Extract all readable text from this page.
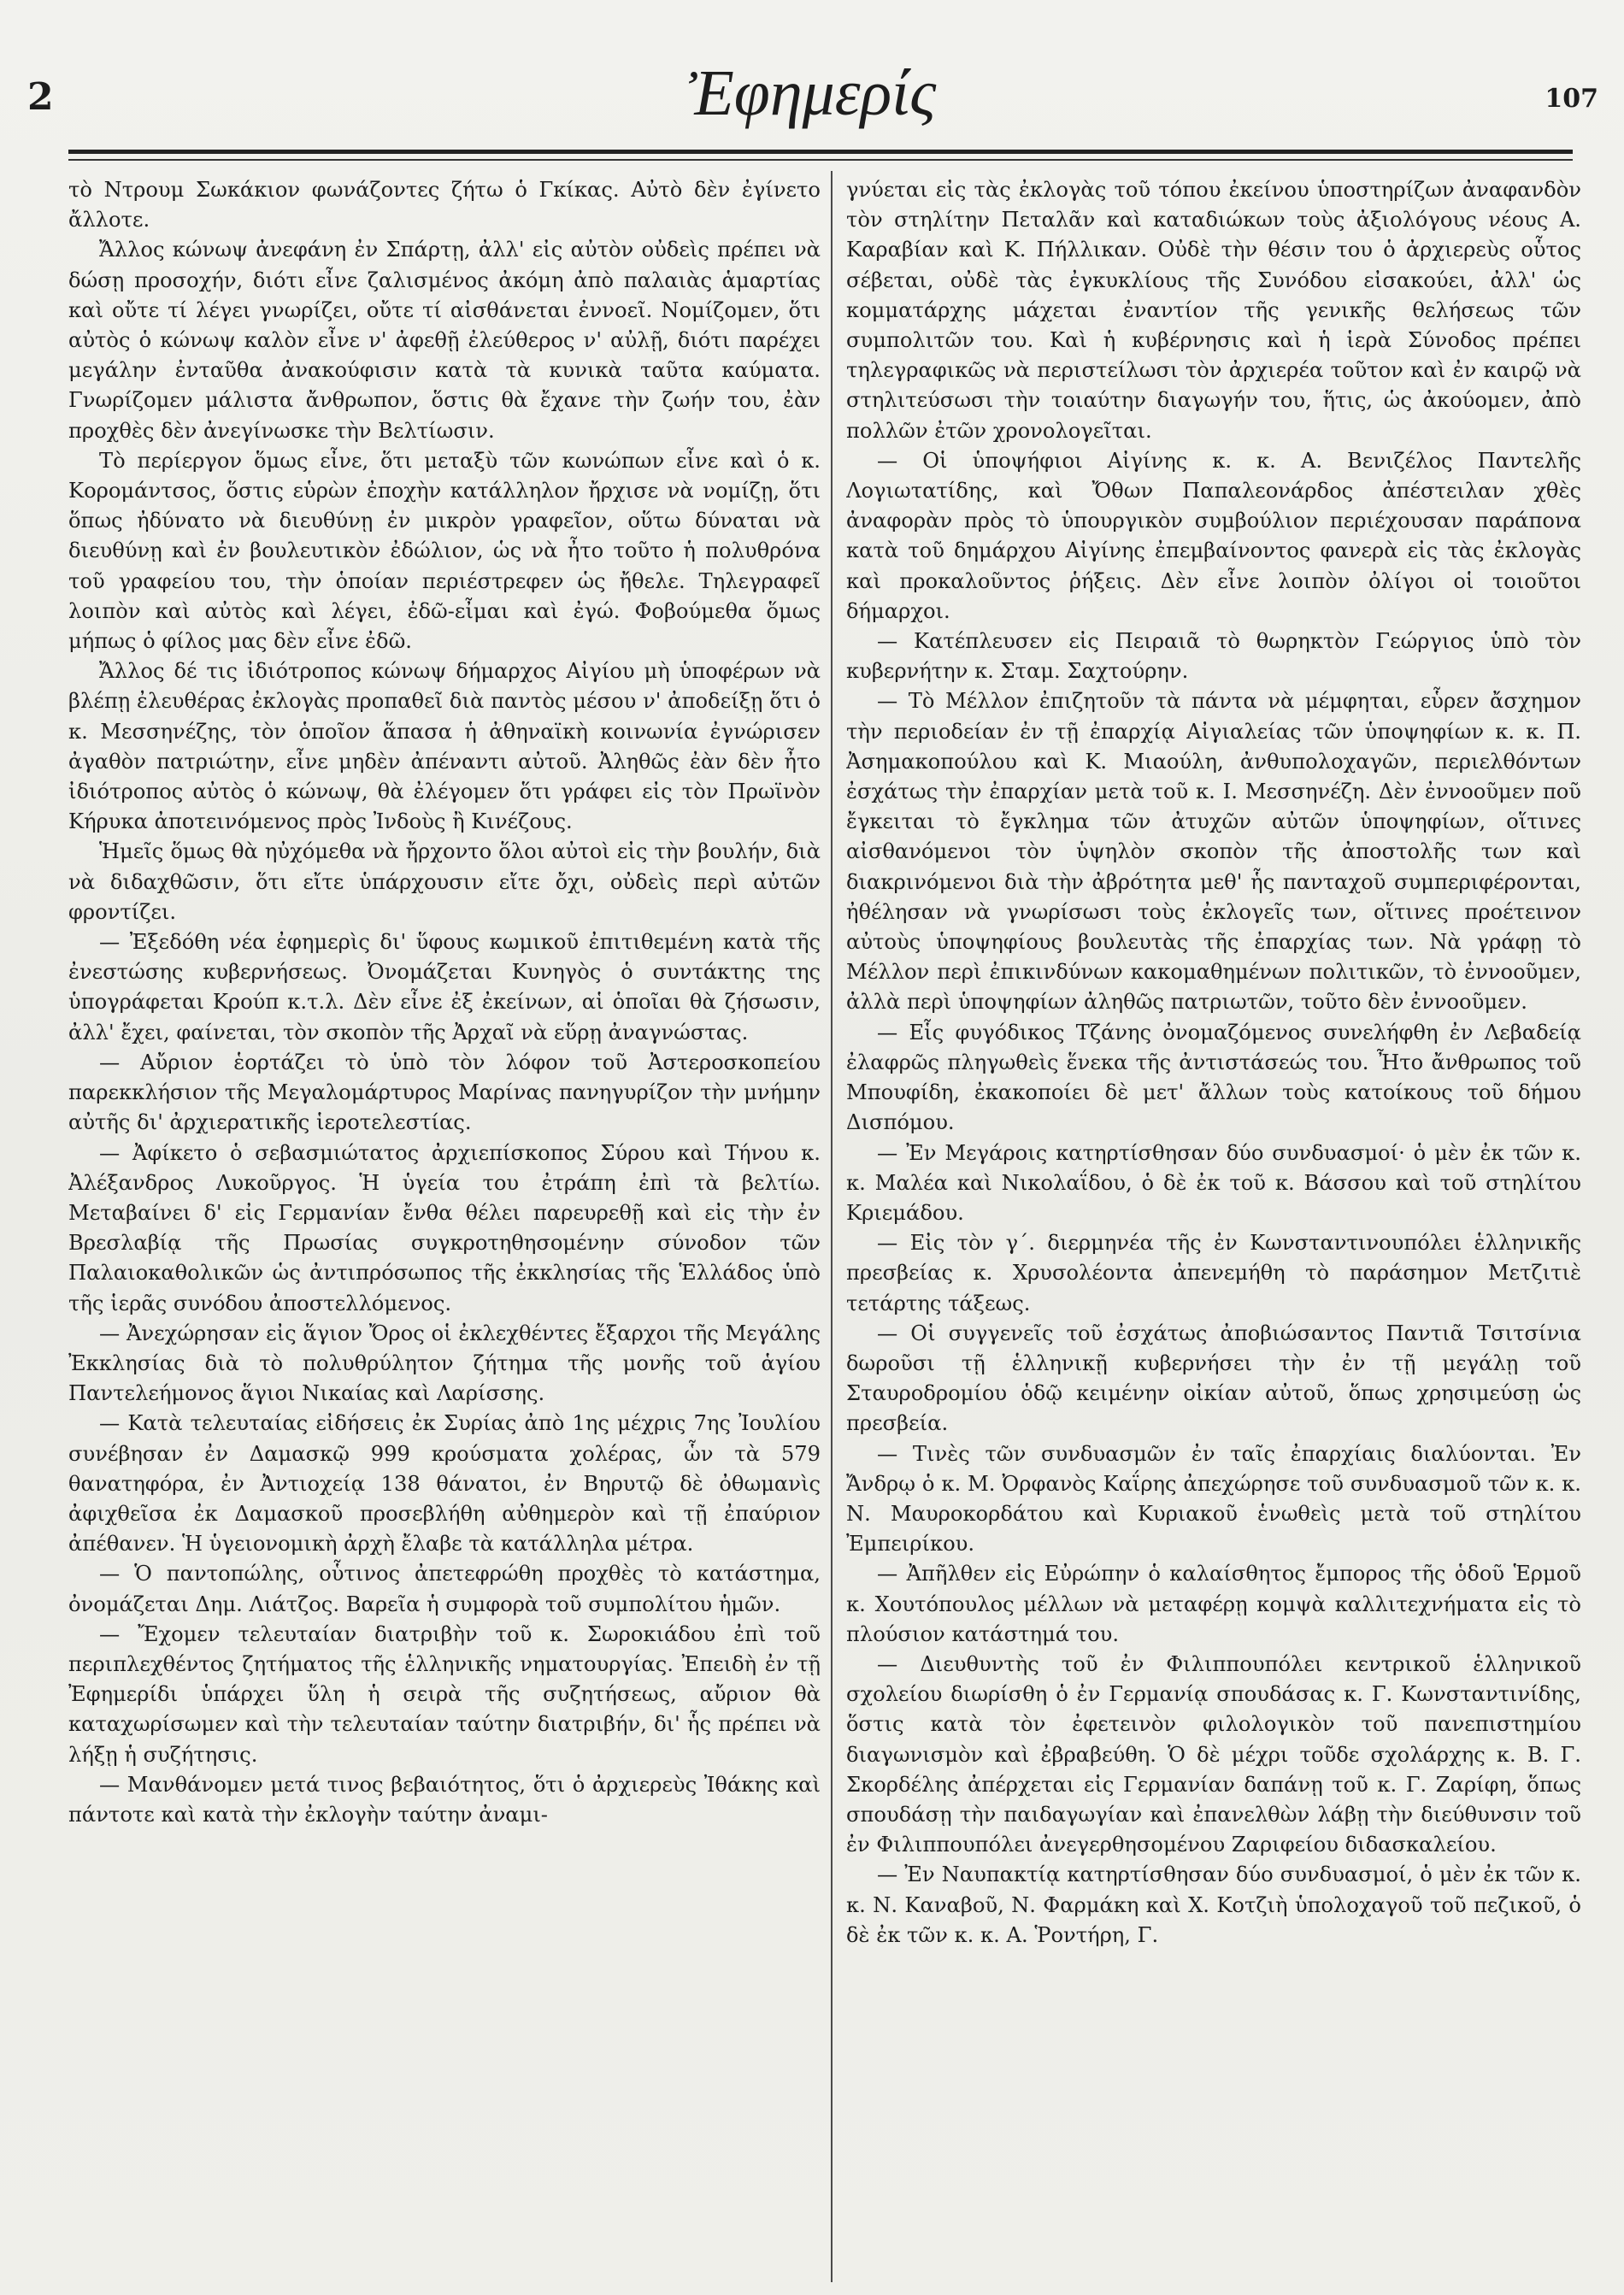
2	Ἐφημερίς	107

τὸ Ντρουμ Σωκάκιον φωνάζοντες ζήτω ὁ Γκίκας. Αὐτὸ δὲν ἐγίνετο ἄλλοτε.

Ἄλλος κώνωψ ἀνεφάνη ἐν Σπάρτῃ, ἀλλ' εἰς αὐτὸν οὐδεὶς πρέπει νὰ δώσῃ προσοχήν, διότι εἶνε ζαλισμένος ἀκόμη ἀπὸ παλαιὰς ἁμαρτίας καὶ οὔτε τί λέγει γνωρίζει, οὔτε τί αἰσθάνεται ἐννοεῖ. Νομίζομεν, ὅτι αὐτὸς ὁ κώνωψ καλὸν εἶνε ν' ἀφεθῇ ἐλεύθερος ν' αὐλῇ, διότι παρέχει μεγάλην ἐνταῦθα ἀνακούφισιν κατὰ τὰ κυνικὰ ταῦτα καύματα. Γνωρίζομεν μάλιστα ἄνθρωπον, ὅστις θὰ ἔχανε τὴν ζωήν του, ἐὰν προχθὲς δὲν ἀνεγίνωσκε τὴν Βελτίωσιν.

Τὸ περίεργον ὅμως εἶνε, ὅτι μεταξὺ τῶν κωνώπων εἶνε καὶ ὁ κ. Κορομάντσος, ὅστις εὑρὼν ἐποχὴν κατάλληλον ἤρχισε νὰ νομίζῃ, ὅτι ὅπως ἠδύνατο νὰ διευθύνῃ ἐν μικρὸν γραφεῖον, οὕτω δύναται νὰ διευθύνῃ καὶ ἐν βουλευτικὸν ἐδώλιον, ὡς νὰ ἦτο τοῦτο ἡ πολυθρόνα τοῦ γραφείου του, τὴν ὁποίαν περιέστρεφεν ὡς ἤθελε. Τηλεγραφεῖ λοιπὸν καὶ αὐτὸς καὶ λέγει, ἐδῶ-εἶμαι καὶ ἐγώ. Φοβούμεθα ὅμως μήπως ὁ φίλος μας δὲν εἶνε ἐδῶ.

Ἄλλος δέ τις ἰδιότροπος κώνωψ δήμαρχος Αἰγίου μὴ ὑποφέρων νὰ βλέπῃ ἐλευθέρας ἐκλογὰς προπαθεῖ διὰ παντὸς μέσου ν' ἀποδείξῃ ὅτι ὁ κ. Μεσσηνέζης, τὸν ὁποῖον ἅπασα ἡ ἀθηναϊκὴ κοινωνία ἐγνώρισεν ἀγαθὸν πατριώτην, εἶνε μηδὲν ἀπέναντι αὐτοῦ. Ἀληθῶς ἐὰν δὲν ἦτο ἰδιότροπος αὐτὸς ὁ κώνωψ, θὰ ἐλέγομεν ὅτι γράφει εἰς τὸν Πρωϊνὸν Κήρυκα ἀποτεινόμενος πρὸς Ἰνδοὺς ἢ Κινέζους.

Ἡμεῖς ὅμως θὰ ηὐχόμεθα νὰ ἤρχοντο ὅλοι αὐτοὶ εἰς τὴν βουλήν, διὰ νὰ διδαχθῶσιν, ὅτι εἴτε ὑπάρχουσιν εἴτε ὄχι, οὐδεὶς περὶ αὐτῶν φροντίζει.

— Ἐξεδόθη νέα ἐφημερὶς δι' ὕφους κωμικοῦ ἐπιτιθεμένη κατὰ τῆς ἐνεστώσης κυβερνήσεως. Ὀνομάζεται Κυνηγὸς ὁ συντάκτης της ὑπογράφεται Κρούπ κ.τ.λ. Δὲν εἶνε ἐξ ἐκείνων, αἱ ὁποῖαι θὰ ζήσωσιν, ἀλλ' ἔχει, φαίνεται, τὸν σκοπὸν τῆς Ἀρχαῖ νὰ εὕρῃ ἀναγνώστας.

— Αὔριον ἑορτάζει τὸ ὑπὸ τὸν λόφον τοῦ Ἀστεροσκοπείου παρεκκλήσιον τῆς Μεγαλομάρτυρος Μαρίνας πανηγυρίζον τὴν μνήμην αὐτῆς δι' ἀρχιερατικῆς ἱεροτελεστίας.

— Ἀφίκετο ὁ σεβασμιώτατος ἀρχιεπίσκοπος Σύρου καὶ Τήνου κ. Ἀλέξανδρος Λυκοῦργος. Ἡ ὑγεία του ἐτράπη ἐπὶ τὰ βελτίω. Μεταβαίνει δ' εἰς Γερμανίαν ἔνθα θέλει παρευρεθῇ καὶ εἰς τὴν ἐν Βρεσλαβίᾳ τῆς Πρωσίας συγκροτηθησομένην σύνοδον τῶν Παλαιοκαθολικῶν ὡς ἀντιπρόσωπος τῆς ἐκκλησίας τῆς Ἑλλάδος ὑπὸ τῆς ἱερᾶς συνόδου ἀποστελλόμενος.

— Ἀνεχώρησαν εἰς ἅγιον Ὄρος οἱ ἐκλεχθέντες ἔξαρχοι τῆς Μεγάλης Ἐκκλησίας διὰ τὸ πολυθρύλητον ζήτημα τῆς μονῆς τοῦ ἁγίου Παντελεήμονος ἅγιοι Νικαίας καὶ Λαρίσσης.

— Κατὰ τελευταίας εἰδήσεις ἐκ Συρίας ἀπὸ 1ης μέχρις 7ης Ἰουλίου συνέβησαν ἐν Δαμασκῷ 999 κρούσματα χολέρας, ὧν τὰ 579 θανατηφόρα, ἐν Ἀντιοχείᾳ 138 θάνατοι, ἐν Βηρυτῷ δὲ ὀθωμανὶς ἀφιχθεῖσα ἐκ Δαμασκοῦ προσεβλήθη αὐθημερὸν καὶ τῇ ἐπαύριον ἀπέθανεν. Ἡ ὑγειονομικὴ ἀρχὴ ἔλαβε τὰ κατάλληλα μέτρα.

— Ὁ παντοπώλης, οὗτινος ἀπετεφρώθη προχθὲς τὸ κατάστημα, ὀνομάζεται Δημ. Λιάτζος. Βαρεῖα ἡ συμφορὰ τοῦ συμπολίτου ἡμῶν.

— Ἔχομεν τελευταίαν διατριβὴν τοῦ κ. Σωροκιάδου ἐπὶ τοῦ περιπλεχθέντος ζητήματος τῆς ἑλληνικῆς νηματουργίας. Ἐπειδὴ ἐν τῇ Ἐφημερίδι ὑπάρχει ὕλη ἡ σειρὰ τῆς συζητήσεως, αὔριον θὰ καταχωρίσωμεν καὶ τὴν τελευταίαν ταύτην διατριβήν, δι' ἧς πρέπει νὰ λήξῃ ἡ συζήτησις.

— Μανθάνομεν μετά τινος βεβαιότητος, ὅτι ὁ ἀρχιερεὺς Ἰθάκης καὶ πάντοτε καὶ κατὰ τὴν ἐκλογὴν ταύτην ἀναμι-

γνύεται εἰς τὰς ἐκλογὰς τοῦ τόπου ἐκείνου ὑποστηρίζων ἀναφανδὸν τὸν στηλίτην Πεταλᾶν καὶ καταδιώκων τοὺς ἀξιολόγους νέους Α. Καραβίαν καὶ Κ. Πήλλικαν. Οὐδὲ τὴν θέσιν του ὁ ἀρχιερεὺς οὗτος σέβεται, οὐδὲ τὰς ἐγκυκλίους τῆς Συνόδου εἰσακούει, ἀλλ' ὡς κομματάρχης μάχεται ἐναντίον τῆς γενικῆς θελήσεως τῶν συμπολιτῶν του. Καὶ ἡ κυβέρνησις καὶ ἡ ἱερὰ Σύνοδος πρέπει τηλεγραφικῶς νὰ περιστείλωσι τὸν ἀρχιερέα τοῦτον καὶ ἐν καιρῷ νὰ στηλιτεύσωσι τὴν τοιαύτην διαγωγήν του, ἥτις, ὡς ἀκούομεν, ἀπὸ πολλῶν ἐτῶν χρονολογεῖται.

— Οἱ ὑποψήφιοι Αἰγίνης κ. κ. Α. Βενιζέλος Παντελῆς Λογιωτατίδης, καὶ Ὄθων Παπαλεονάρδος ἀπέστειλαν χθὲς ἀναφορὰν πρὸς τὸ ὑπουργικὸν συμβούλιον περιέχουσαν παράπονα κατὰ τοῦ δημάρχου Αἰγίνης ἐπεμβαίνοντος φανερὰ εἰς τὰς ἐκλογὰς καὶ προκαλοῦντος ῥήξεις. Δὲν εἶνε λοιπὸν ὀλίγοι οἱ τοιοῦτοι δήμαρχοι.

— Κατέπλευσεν εἰς Πειραιᾶ τὸ θωρηκτὸν Γεώργιος ὑπὸ τὸν κυβερνήτην κ. Σταμ. Σαχτούρην.

— Τὸ Μέλλον ἐπιζητοῦν τὰ πάντα νὰ μέμφηται, εὗρεν ἄσχημον τὴν περιοδείαν ἐν τῇ ἐπαρχίᾳ Αἰγιαλείας τῶν ὑποψηφίων κ. κ. Π. Ἀσημακοπούλου καὶ Κ. Μιαούλη, ἀνθυπολοχαγῶν, περιελθόντων ἐσχάτως τὴν ἐπαρχίαν μετὰ τοῦ κ. Ι. Μεσσηνέζη. Δὲν ἐννοοῦμεν ποῦ ἔγκειται τὸ ἔγκλημα τῶν ἀτυχῶν αὐτῶν ὑποψηφίων, οἵτινες αἰσθανόμενοι τὸν ὑψηλὸν σκοπὸν τῆς ἀποστολῆς των καὶ διακρινόμενοι διὰ τὴν ἀβρότητα μεθ' ἧς πανταχοῦ συμπεριφέρονται, ἠθέλησαν νὰ γνωρίσωσι τοὺς ἐκλογεῖς των, οἵτινες προέτεινον αὐτοὺς ὑποψηφίους βουλευτὰς τῆς ἐπαρχίας των. Νὰ γράφῃ τὸ Μέλλον περὶ ἐπικινδύνων κακομαθημένων πολιτικῶν, τὸ ἐννοοῦμεν, ἀλλὰ περὶ ὑποψηφίων ἀληθῶς πατριωτῶν, τοῦτο δὲν ἐννοοῦμεν.

— Εἷς φυγόδικος Τζάνης ὀνομαζόμενος συνελήφθη ἐν Λεβαδείᾳ ἐλαφρῶς πληγωθεὶς ἕνεκα τῆς ἀντιστάσεώς του. Ἦτο ἄνθρωπος τοῦ Μπουφίδη, ἐκακοποίει δὲ μετ' ἄλλων τοὺς κατοίκους τοῦ δήμου Δισπόμου.

— Ἐν Μεγάροις κατηρτίσθησαν δύο συνδυασμοί· ὁ μὲν ἐκ τῶν κ. κ. Μαλέα καὶ Νικολαΐδου, ὁ δὲ ἐκ τοῦ κ. Βάσσου καὶ τοῦ στηλίτου Κριεμάδου.

— Εἰς τὸν γ΄. διερμηνέα τῆς ἐν Κωνσταντινουπόλει ἑλληνικῆς πρεσβείας κ. Χρυσολέοντα ἀπενεμήθη τὸ παράσημον Μετζιτιὲ τετάρτης τάξεως.

— Οἱ συγγενεῖς τοῦ ἐσχάτως ἀποβιώσαντος Παντιᾶ Τσιτσίνια δωροῦσι τῇ ἑλληνικῇ κυβερνήσει τὴν ἐν τῇ μεγάλῃ τοῦ Σταυροδρομίου ὁδῷ κειμένην οἰκίαν αὐτοῦ, ὅπως χρησιμεύσῃ ὡς πρεσβεία.

— Τινὲς τῶν συνδυασμῶν ἐν ταῖς ἐπαρχίαις διαλύονται. Ἐν Ἄνδρῳ ὁ κ. Μ. Ὀρφανὸς Καΐρης ἀπεχώρησε τοῦ συνδυασμοῦ τῶν κ. κ. Ν. Μαυροκορδάτου καὶ Κυριακοῦ ἑνωθεὶς μετὰ τοῦ στηλίτου Ἐμπειρίκου.

— Ἀπῆλθεν εἰς Εὐρώπην ὁ καλαίσθητος ἔμπορος τῆς ὁδοῦ Ἑρμοῦ κ. Χουτόπουλος μέλλων νὰ μεταφέρῃ κομψὰ καλλιτεχνήματα εἰς τὸ πλούσιον κατάστημά του.

— Διευθυντὴς τοῦ ἐν Φιλιππουπόλει κεντρικοῦ ἑλληνικοῦ σχολείου διωρίσθη ὁ ἐν Γερμανίᾳ σπουδάσας κ. Γ. Κωνσταντινίδης, ὅστις κατὰ τὸν ἐφετεινὸν φιλολογικὸν τοῦ πανεπιστημίου διαγωνισμὸν καὶ ἐβραβεύθη. Ὁ δὲ μέχρι τοῦδε σχολάρχης κ. Β. Γ. Σκορδέλης ἀπέρχεται εἰς Γερμανίαν δαπάνῃ τοῦ κ. Γ. Ζαρίφη, ὅπως σπουδάσῃ τὴν παιδαγωγίαν καὶ ἐπανελθὼν λάβῃ τὴν διεύθυνσιν τοῦ ἐν Φιλιππουπόλει ἀνεγερθησομένου Ζαριφείου διδασκαλείου.

— Ἐν Ναυπακτίᾳ κατηρτίσθησαν δύο συνδυασμοί, ὁ μὲν ἐκ τῶν κ. κ. Ν. Καναβοῦ, Ν. Φαρμάκη καὶ Χ. Κοτζιὴ ὑπολοχαγοῦ τοῦ πεζικοῦ, ὁ δὲ ἐκ τῶν κ. κ. Α. Ῥοντήρη, Γ.
